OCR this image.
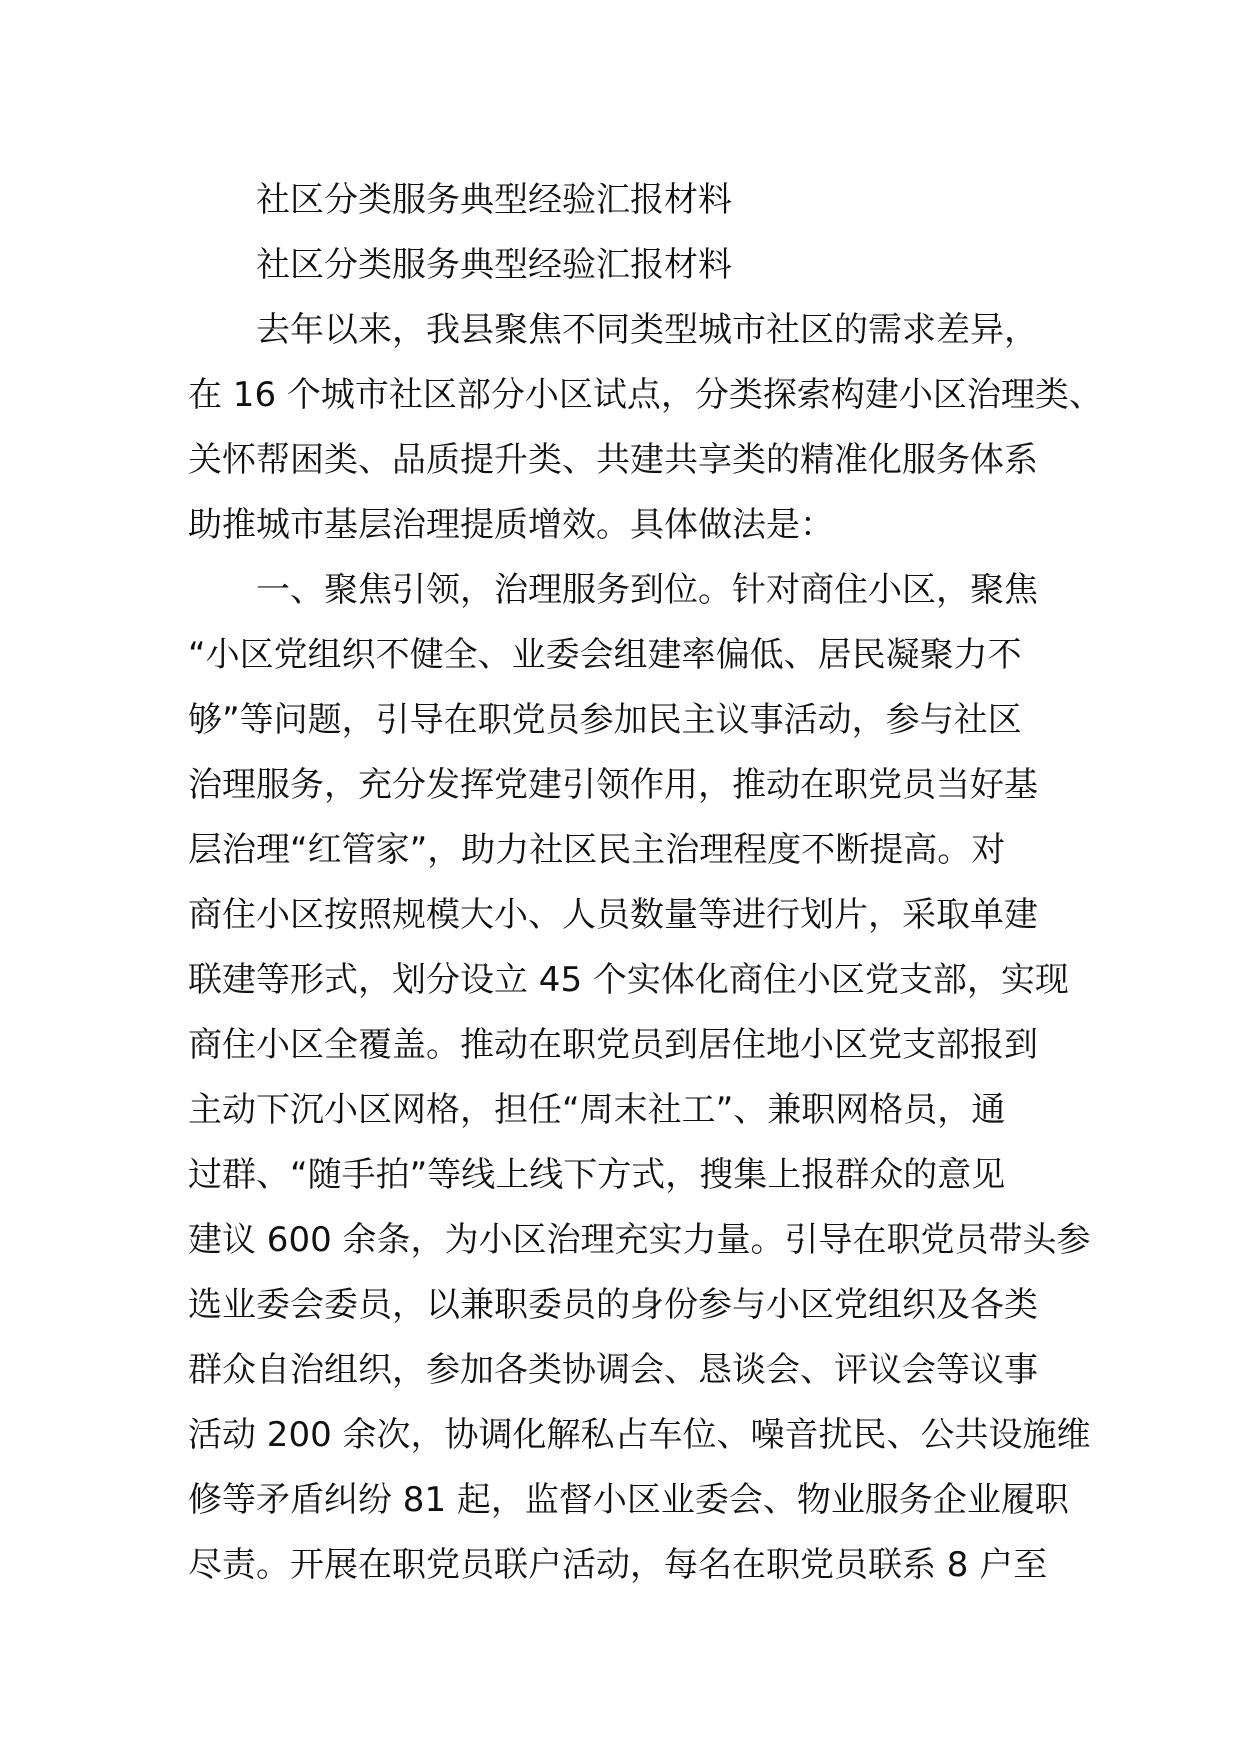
社区分类服务典型经验汇报材料
社区分类服务典型经验汇报材料
去年以来，我县聚焦不同类型城市社区的需求差异，
在 16 个城市社区部分小区试点，分类探索构建小区治理类、
关怀帮困类、品质提升类、共建共享类的精准化服务体系
助推城市基层治理提质增效。具体做法是：
一、聚焦引领，治理服务到位。针对商住小区，聚焦
“小区党组织不健全、业委会组建率偏低、居民凝聚力不
够”等问题，引导在职党员参加民主议事活动，参与社区
治理服务，充分发挥党建引领作用，推动在职党员当好基
层治理“红管家”，助力社区民主治理程度不断提高。对
商住小区按照规模大小、人员数量等进行划片，采取单建
联建等形式，划分设立 45 个实体化商住小区党支部，实现
商住小区全覆盖。推动在职党员到居住地小区党支部报到
主动下沉小区网格，担任“周末社工”、兼职网格员，通
过群、“随手拍”等线上线下方式，搜集上报群众的意见
建议 600 余条，为小区治理充实力量。引导在职党员带头参
选业委会委员，以兼职委员的身份参与小区党组织及各类
群众自治组织，参加各类协调会、恳谈会、评议会等议事
活动 200 余次，协调化解私占车位、噪音扰民、公共设施维
修等矛盾纠纷 81 起，监督小区业委会、物业服务企业履职
尽责。开展在职党员联户活动，每名在职党员联系 8 户至
